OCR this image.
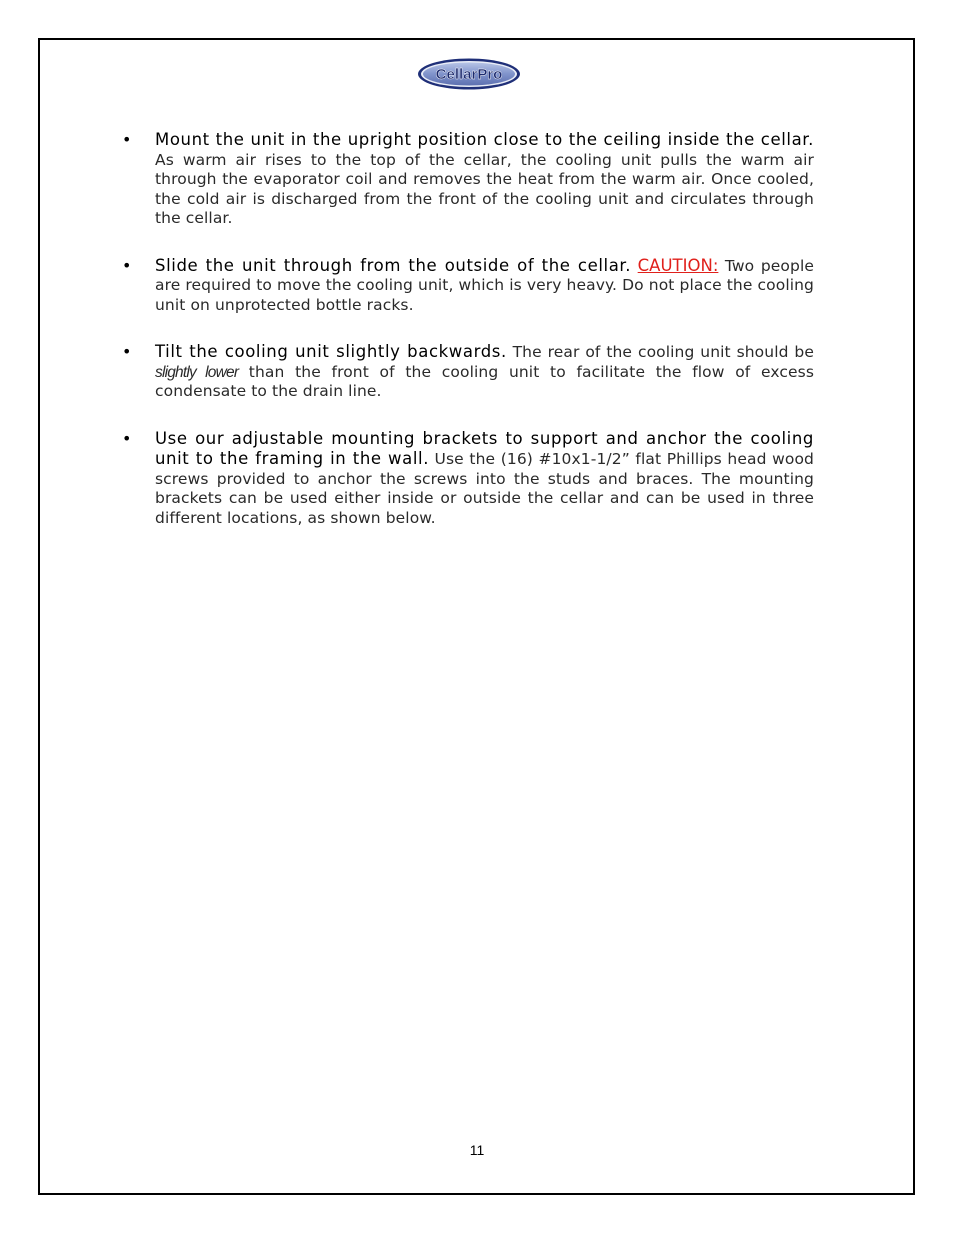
CellarPro
• Mount the unit in the upright position close to the ceiling inside the cellar. As warm air rises to the top of the cellar, the cooling unit pulls the warm air through the evaporator coil and removes the heat from the warm air. Once cooled, the cold air is discharged from the front of the cooling unit and circulates through the cellar.
• Slide the unit through from the outside of the cellar. CAUTION: Two people are required to move the cooling unit, which is very heavy. Do not place the cooling unit on unprotected bottle racks.
• Tilt the cooling unit slightly backwards. The rear of the cooling unit should be slightly lower than the front of the cooling unit to facilitate the flow of excess condensate to the drain line.
• Use our adjustable mounting brackets to support and anchor the cooling unit to the framing in the wall. Use the (16) #10x1-1/2” flat Phillips head wood screws provided to anchor the screws into the studs and braces. The mounting brackets can be used either inside or outside the cellar and can be used in three different locations, as shown below.
11
